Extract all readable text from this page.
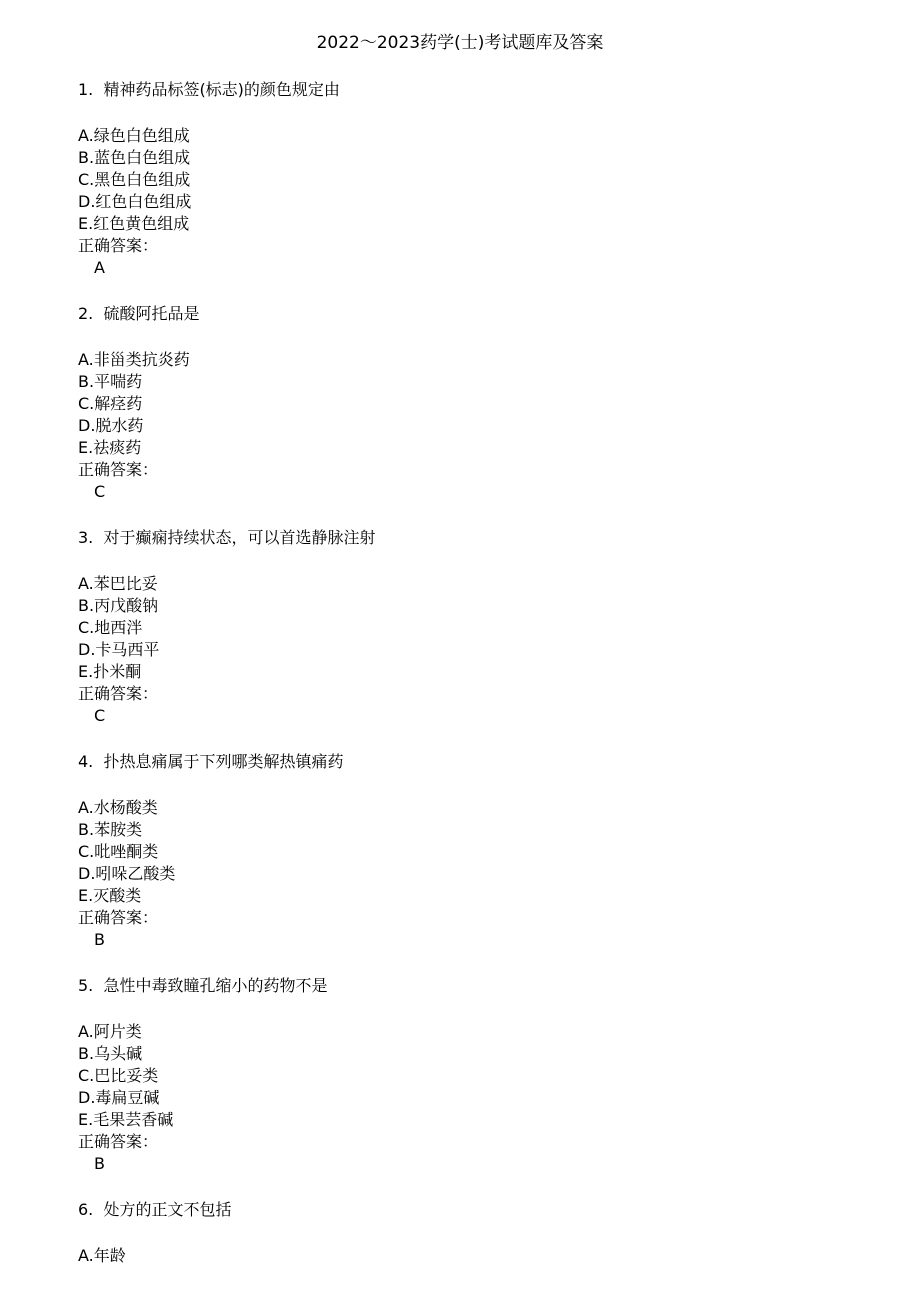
2022～2023药学(士)考试题库及答案
1. 精神药品标签(标志)的颜色规定由
A.绿色白色组成
B.蓝色白色组成
C.黑色白色组成
D.红色白色组成
E.红色黄色组成
正确答案：
A
2. 硫酸阿托品是
A.非甾类抗炎药
B.平喘药
C.解痉药
D.脱水药
E.祛痰药
正确答案：
C
3. 对于癫痫持续状态，可以首选静脉注射
A.苯巴比妥
B.丙戊酸钠
C.地西泮
D.卡马西平
E.扑米酮
正确答案：
C
4. 扑热息痛属于下列哪类解热镇痛药
A.水杨酸类
B.苯胺类
C.吡唑酮类
D.吲哚乙酸类
E.灭酸类
正确答案：
B
5. 急性中毒致瞳孔缩小的药物不是
A.阿片类
B.乌头碱
C.巴比妥类
D.毒扁豆碱
E.毛果芸香碱
正确答案：
B
6. 处方的正文不包括
A.年龄
